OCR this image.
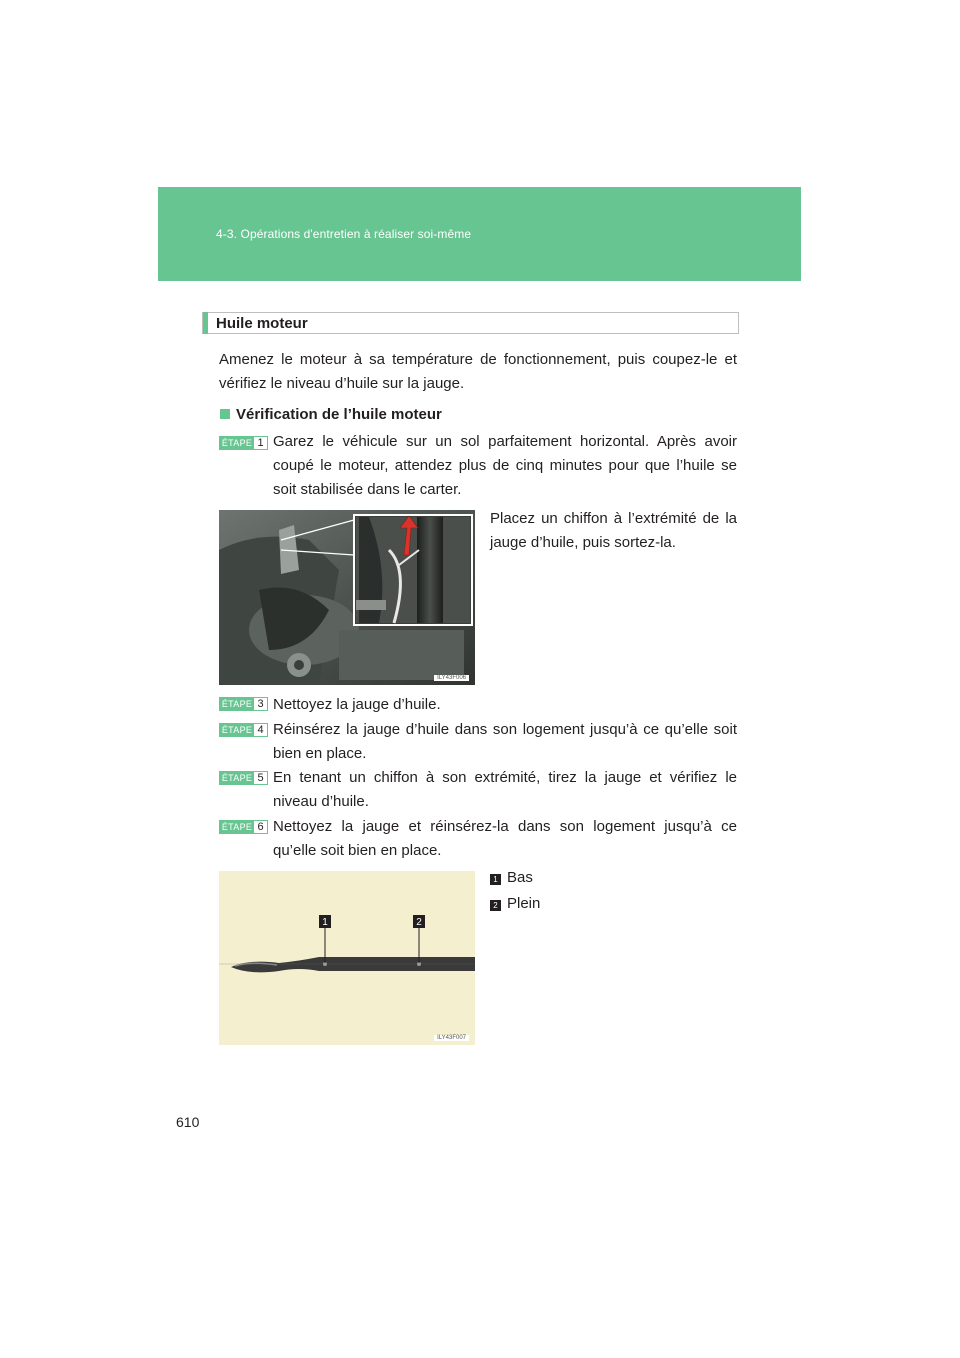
4-3. Opérations d'entretien à réaliser soi-même
Huile moteur
Amenez le moteur à sa température de fonctionnement, puis coupez-le et vérifiez le niveau d’huile sur la jauge.
Vérification de l’huile moteur
ÉTAPE 1 Garez le véhicule sur un sol parfaitement horizontal. Après avoir coupé le moteur, attendez plus de cinq minutes pour que l’huile se soit stabilisée dans le carter.
ILY43F006
Placez un chiffon à l’extrémité de la jauge d’huile, puis sortez-la.
ÉTAPE 3 Nettoyez la jauge d’huile.
ÉTAPE 4 Réinsérez la jauge d’huile dans son logement jusqu’à ce qu’elle soit bien en place.
ÉTAPE 5 En tenant un chiffon à son extrémité, tirez la jauge et vérifiez le niveau d’huile.
ÉTAPE 6 Nettoyez la jauge et réinsérez-la dans son logement jusqu’à ce qu’elle soit bien en place.
1	2
ILY43F007
1 Bas
2 Plein
610
